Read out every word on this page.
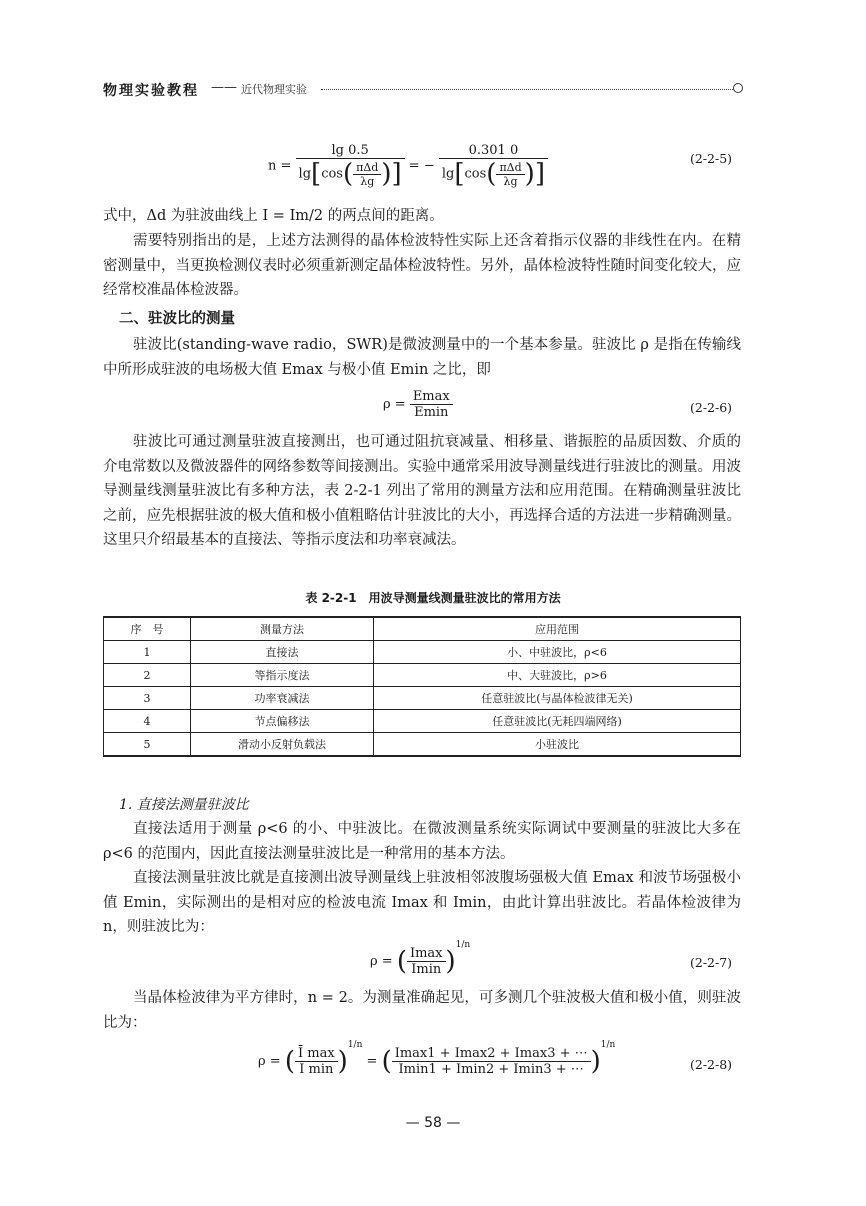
物理实验教程 —— 近代物理实验
$n = \frac{\lg 0.5}{\lg[\cos( \frac{\text{πΔd}}{\lambda g} )]}$ = − $\frac{0.301 0}{\lg[\cos( \frac{\text{πΔd}}{\lambda g} )]}$	(2-2-5)
式中，Δd 为驻波曲线上 I = Im/2 的两点间的距离。
需要特别指出的是，上述方法测得的晶体检波特性实际上还含着指示仪器的非线性在内。在精密测量中，当更换检测仪表时必须重新测定晶体检波特性。另外，晶体检波特性随时间变化较大，应经常校准晶体检波器。
二、驻波比的测量
驻波比(standing-wave radio，SWR)是微波测量中的一个基本参量。驻波比 ρ 是指在传输线中所形成驻波的电场极大值 Emax 与极小值 Emin 之比，即
$\rho = \frac{Emax}{Emin}$	(2-2-6)
驻波比可通过测量驻波直接测出，也可通过阻抗衰减量、相移量、谐振腔的品质因数、介质的介电常数以及微波器件的网络参数等间接测出。实验中通常采用波导测量线进行驻波比的测量。用波导测量线测量驻波比有多种方法，表 2-2-1 列出了常用的测量方法和应用范围。在精确测量驻波比之前，应先根据驻波的极大值和极小值粗略估计驻波比的大小，再选择合适的方法进一步精确测量。这里只介绍最基本的直接法、等指示度法和功率衰减法。
表 2-2-1　用波导测量线测量驻波比的常用方法
序　号	测量方法	应用范围
1	直接法	小、中驻波比，ρ<6
2	等指示度法	中、大驻波比，ρ>6
3	功率衰减法	任意驻波比(与晶体检波律无关)
4	节点偏移法	任意驻波比(无耗四端网络)
5	滑动小反射负载法	小驻波比
1. 直接法测量驻波比
直接法适用于测量 ρ<6 的小、中驻波比。在微波测量系统实际调试中要测量的驻波比大多在 ρ<6 的范围内，因此直接法测量驻波比是一种常用的基本方法。
直接法测量驻波比就是直接测出波导测量线上驻波相邻波腹场强极大值 Emax 和波节场强极小值 Emin，实际测出的是相对应的检波电流 Imax 和 Imin，由此计算出驻波比。若晶体检波律为 n，则驻波比为：
ρ = ( $\frac{Imax}{Imin} )^{1/n}$
(2-2-7)
当晶体检波律为平方律时，n = 2。为测量准确起见，可多测几个驻波极大值和极小值，则驻波比为：
ρ = ( $\frac{\text{Ī max}}{\text{Ī min}} )^{1/n}$ = ( $\frac{Imax1 + Imax2 + Imax3 + \cdots}{Imin1 + Imin2 + Imin3 + \cdots} )^{1/n}$
(2-2-8)
— 58 —
